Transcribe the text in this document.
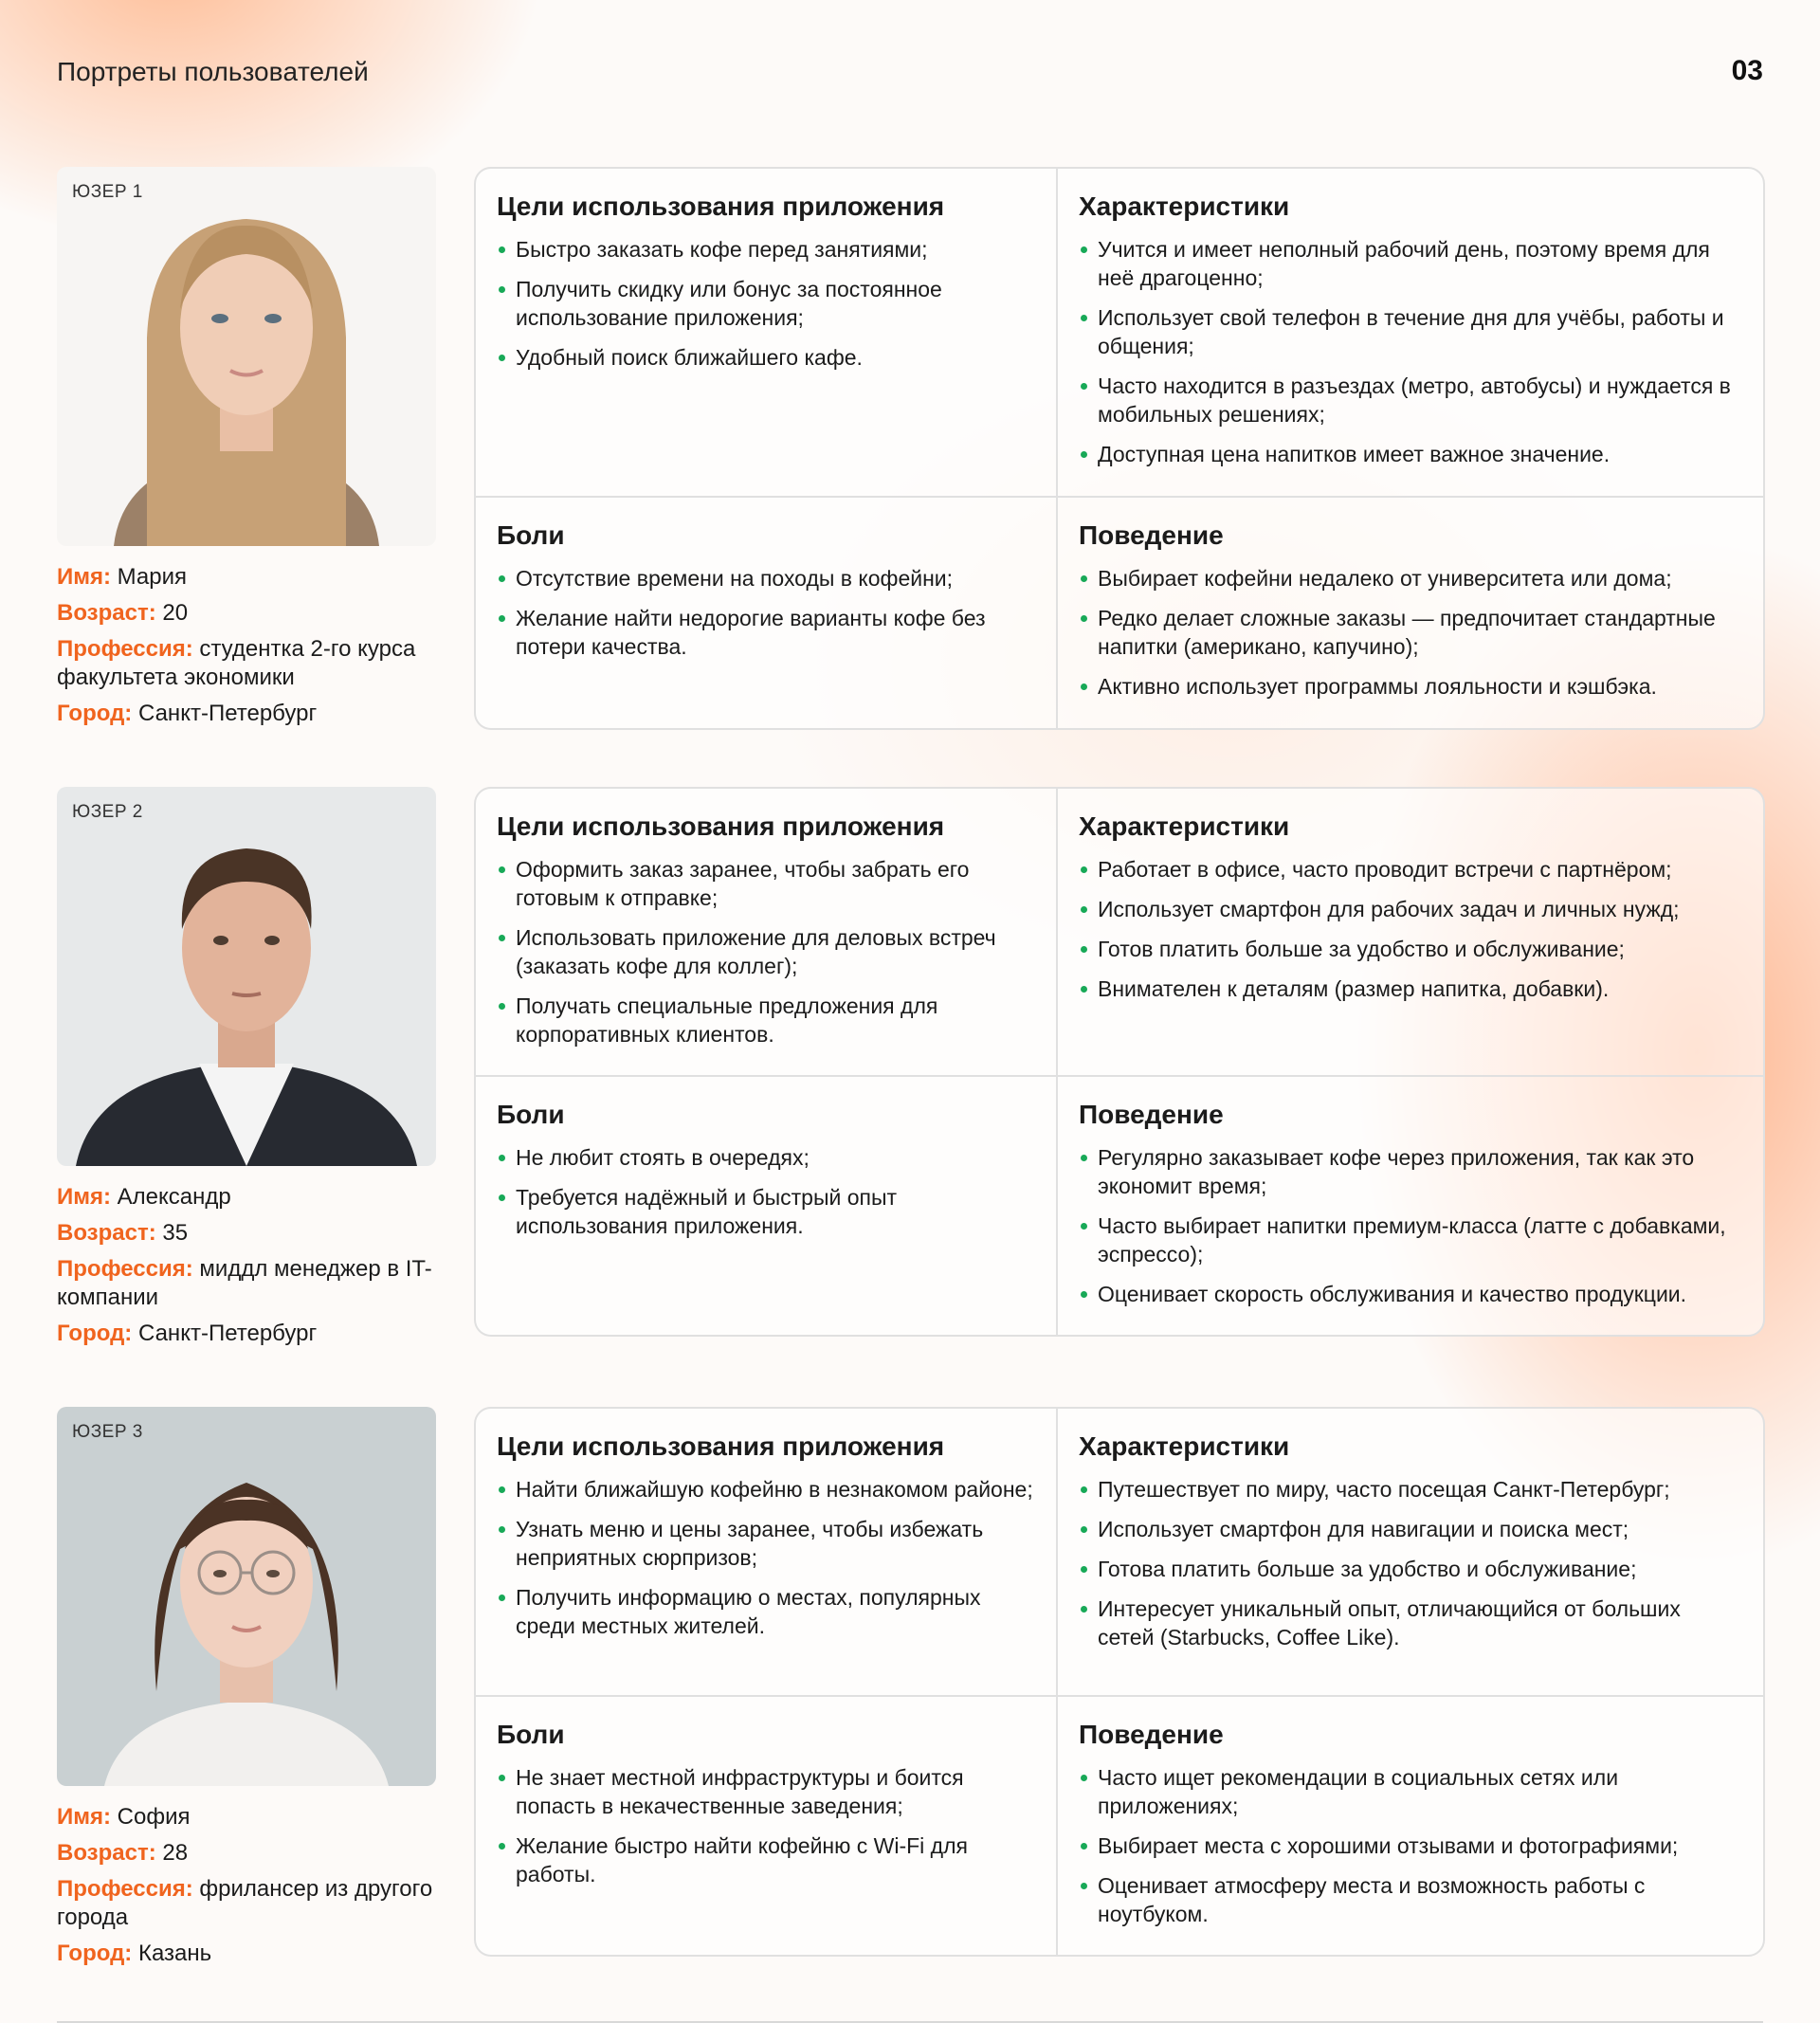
Портреты пользовaтелей	03
ЮЗЕР 1
Имя: Мария
Возраст: 20
Профессия: студентка 2-го курса факультета экономики
Город: Санкт-Петербург
Цели использования приложения
Быстро заказать кофе перед занятиями;
Получить скидку или бонус за постоянное использование приложения;
Удобный поиск ближайшего кафе.
Характеристики
Учится и имеет неполный рабочий день, поэтому время для неё драгоценно;
Использует свой телефон в течение дня для учёбы, работы и общения;
Часто находится в разъездах (метро, автобусы) и нуждается в мобильных решениях;
Доступная цена напитков имеет важное значение.
Боли
Отсутствие времени на походы в кофейни;
Желание найти недорогие варианты кофе без потери качества.
Поведение
Выбирает кофейни недалеко от университета или дома;
Редко делает сложные заказы — предпочитает стандартные напитки (американо, капучино);
Активно использует программы лояльности и кэшбэка.
ЮЗЕР 2
Имя: Александр
Возраст: 35
Профессия: миддл менеджер в IT-компании
Город: Санкт-Петербург
Цели использования приложения
Оформить заказ заранее, чтобы забрать его готовым к отправке;
Использовать приложение для деловых встреч (заказать кофе для коллег);
Получать специальные предложения для корпоративных клиентов.
Характеристики
Работает в офисе, часто проводит встречи с партнёром;
Использует смартфон для рабочих задач и личных нужд;
Готов платить больше за удобство и обслуживание;
Внимателен к деталям (размер напитка, добавки).
Боли
Не любит стоять в очередях;
Требуется надёжный и быстрый опыт использования приложения.
Поведение
Регулярно заказывает кофе через приложения, так как это экономит время;
Часто выбирает напитки премиум-класса (латте с добавками, эспрессо);
Оценивает скорость обслуживания и качество продукции.
ЮЗЕР 3
Имя: София
Возраст: 28
Профессия: фрилансер из другого города
Город: Казань
Цели использования приложения
Найти ближайшую кофейню в незнакомом районе;
Узнать меню и цены заранее, чтобы избежать неприятных сюрпризов;
Получить информацию о местах, популярных среди местных жителей.
Характеристики
Путешествует по миру, часто посещая Санкт-Петербург;
Использует смартфон для навигации и поиска мест;
Готова платить больше за удобство и обслуживание;
Интересует уникальный опыт, отличающийся от больших сетей (Starbucks, Coffee Like).
Боли
Не знает местной инфраструктуры и боится попасть в некачественные заведения;
Желание быстро найти кофейню с Wi-Fi для работы.
Поведение
Часто ищет рекомендации в социальных сетях или приложениях;
Выбирает места с хорошими отзывами и фотографиями;
Оценивает атмосферу места и возможность работы с ноутбуком.
